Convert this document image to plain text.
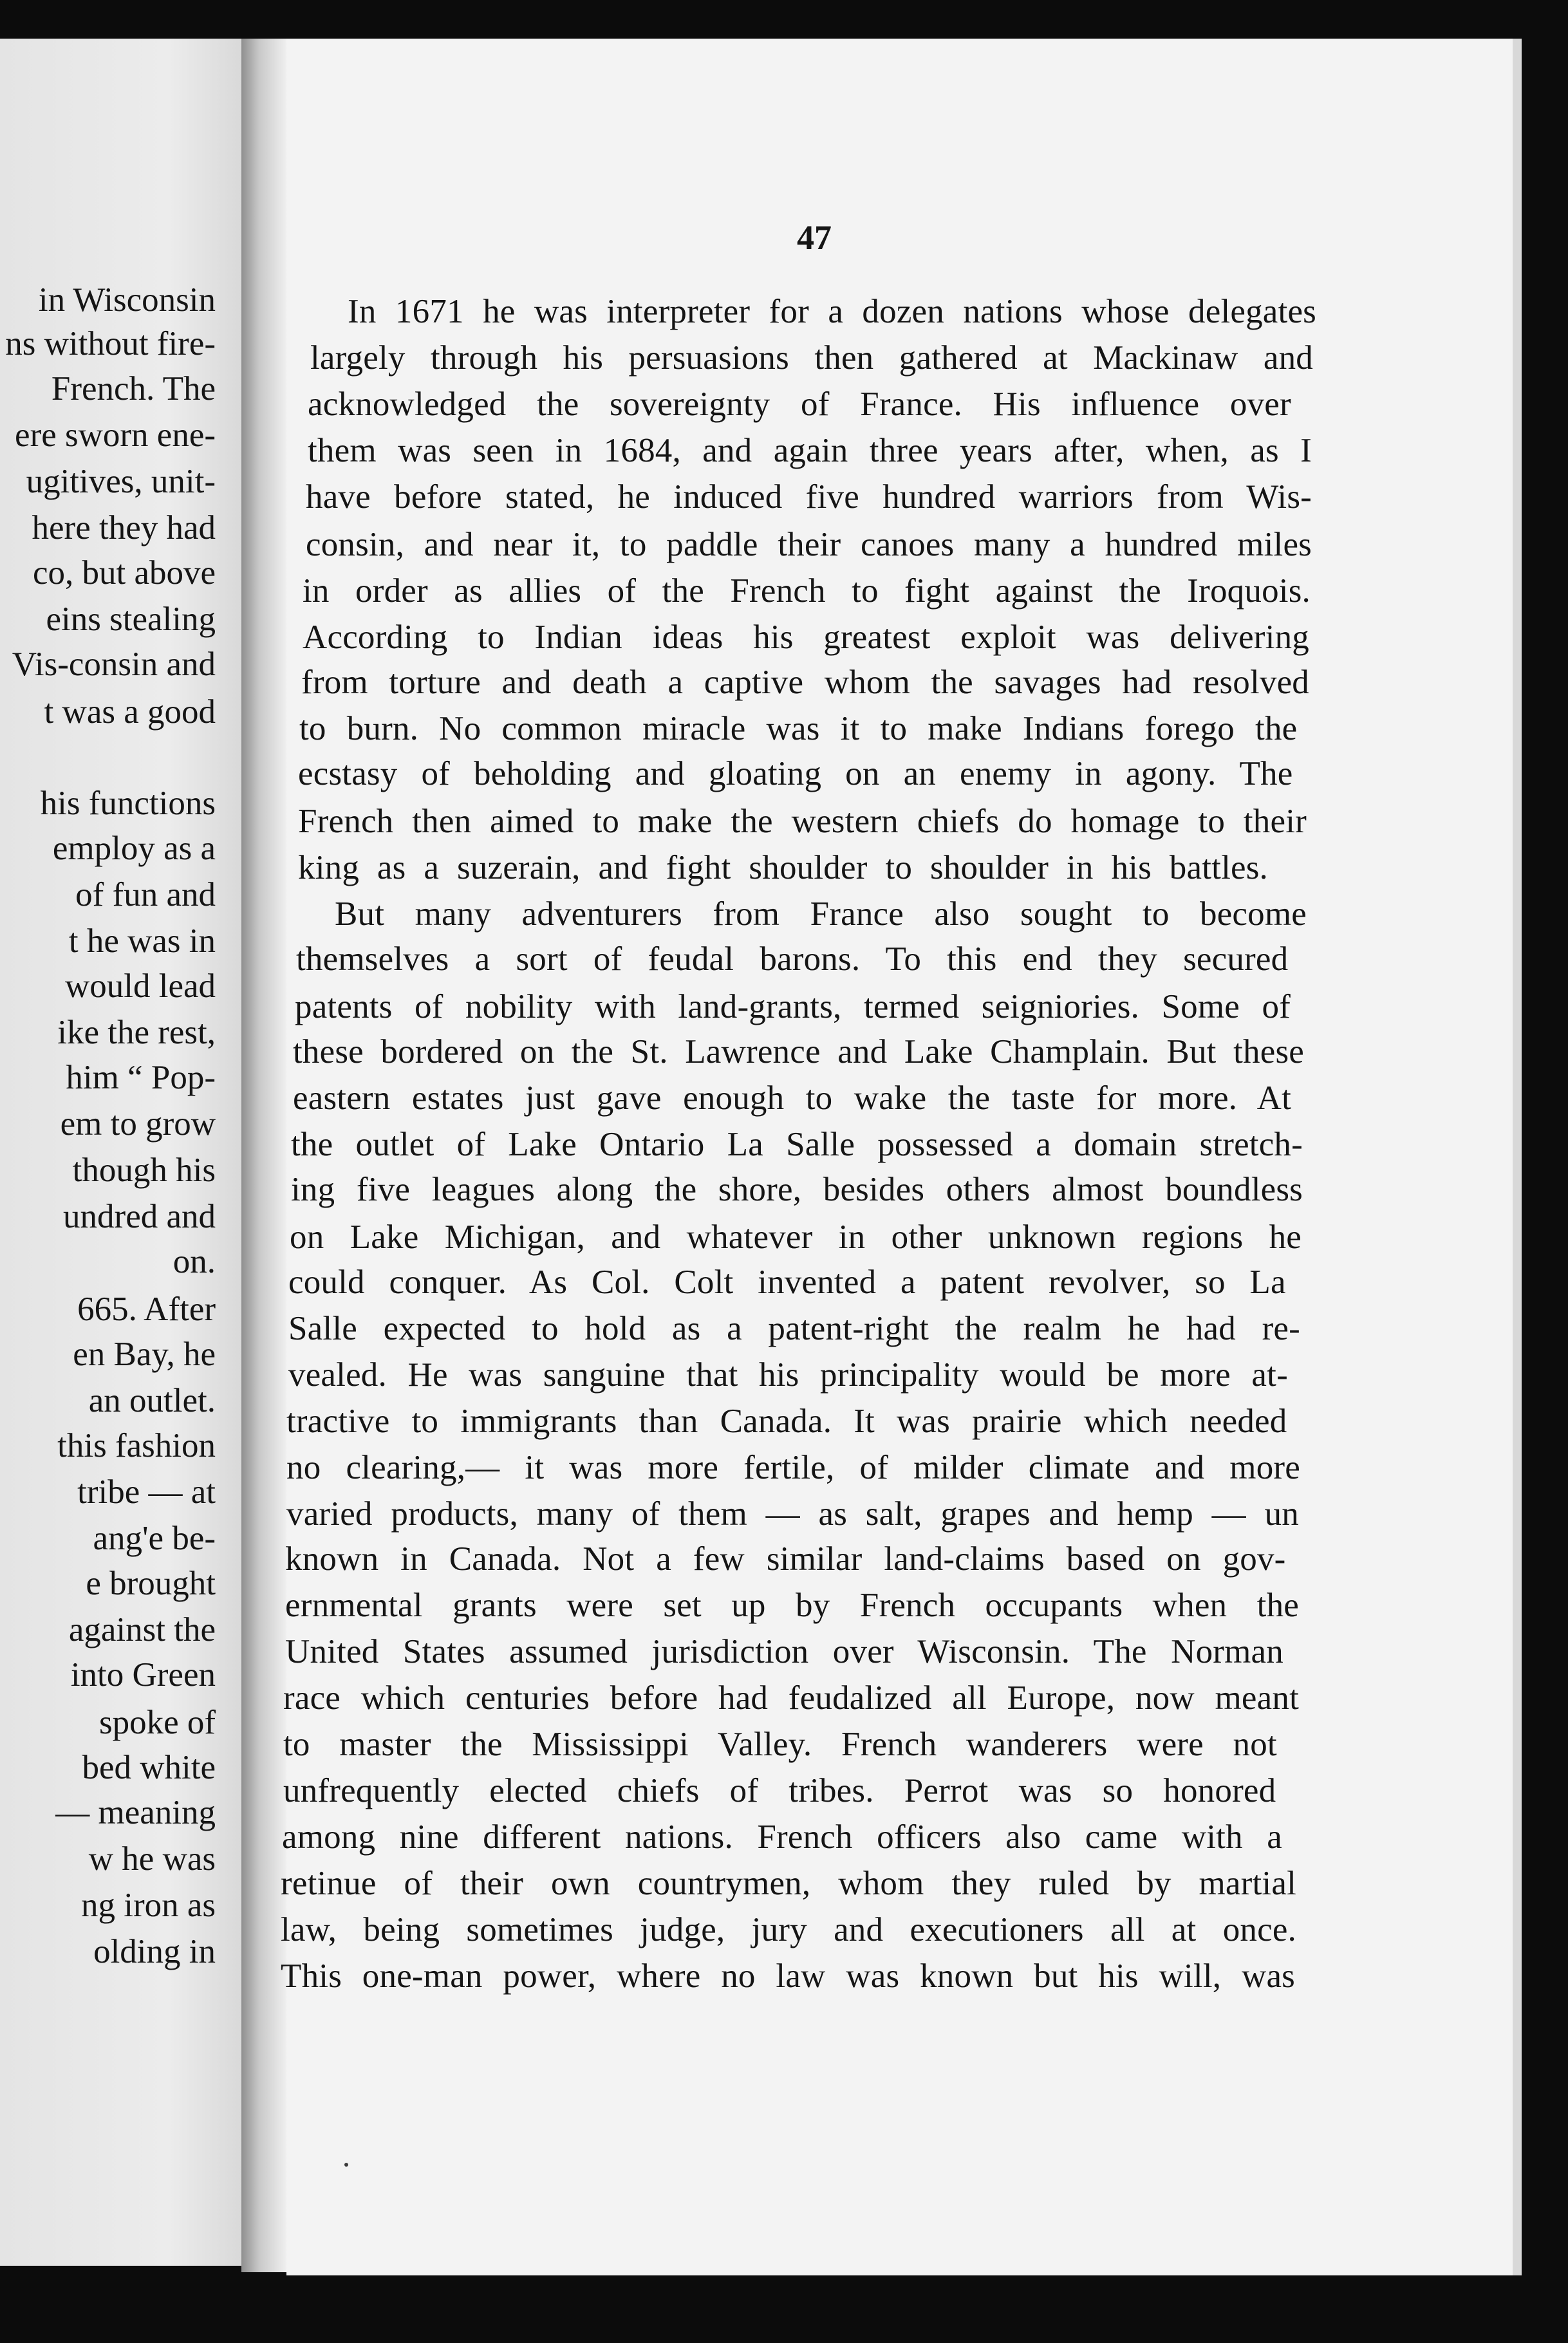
in Wisconsin
ns without fire-
French. The
ere sworn ene-
ugitives, unit-
here they had
co, but above
eins stealing
Vis-consin and
t was a good
his functions
employ as a
of fun and
t he was in
would lead
ike the rest,
him “ Pop-
em to grow
though his
undred and
on.
665. After
en Bay, he
an outlet.
this fashion
tribe — at
ang'e be-
e brought
against the
into Green
spoke of
bed white
— meaning
w he was
ng iron as
olding in
47
In 1671 he was interpreter for a dozen nations whose delegates
largely through his persuasions then gathered at Mackinaw and
acknowledged the sovereignty of France. His influence over
them was seen in 1684, and again three years after, when, as I
have before stated, he induced five hundred warriors from Wis-
consin, and near it, to paddle their canoes many a hundred miles
in order as allies of the French to fight against the Iroquois.
According to Indian ideas his greatest exploit was delivering
from torture and death a captive whom the savages had resolved
to burn. No common miracle was it to make Indians forego the
ecstasy of beholding and gloating on an enemy in agony. The
French then aimed to make the western chiefs do homage to their
king as a suzerain, and fight shoulder to shoulder in his battles.
But many adventurers from France also sought to become
themselves a sort of feudal barons. To this end they secured
patents of nobility with land-grants, termed seigniories. Some of
these bordered on the St. Lawrence and Lake Champlain. But these
eastern estates just gave enough to wake the taste for more. At
the outlet of Lake Ontario La Salle possessed a domain stretch-
ing five leagues along the shore, besides others almost boundless
on Lake Michigan, and whatever in other unknown regions he
could conquer. As Col. Colt invented a patent revolver, so La
Salle expected to hold as a patent-right the realm he had re-
vealed. He was sanguine that his principality would be more at-
tractive to immigrants than Canada. It was prairie which needed
no clearing,— it was more fertile, of milder climate and more
varied products, many of them — as salt, grapes and hemp — un
known in Canada. Not a few similar land-claims based on gov-
ernmental grants were set up by French occupants when the
United States assumed jurisdiction over Wisconsin. The Norman
race which centuries before had feudalized all Europe, now meant
to master the Mississippi Valley. French wanderers were not
unfrequently elected chiefs of tribes. Perrot was so honored
among nine different nations. French officers also came with a
retinue of their own countrymen, whom they ruled by martial
law, being sometimes judge, jury and executioners all at once.
This one-man power, where no law was known but his will, was
